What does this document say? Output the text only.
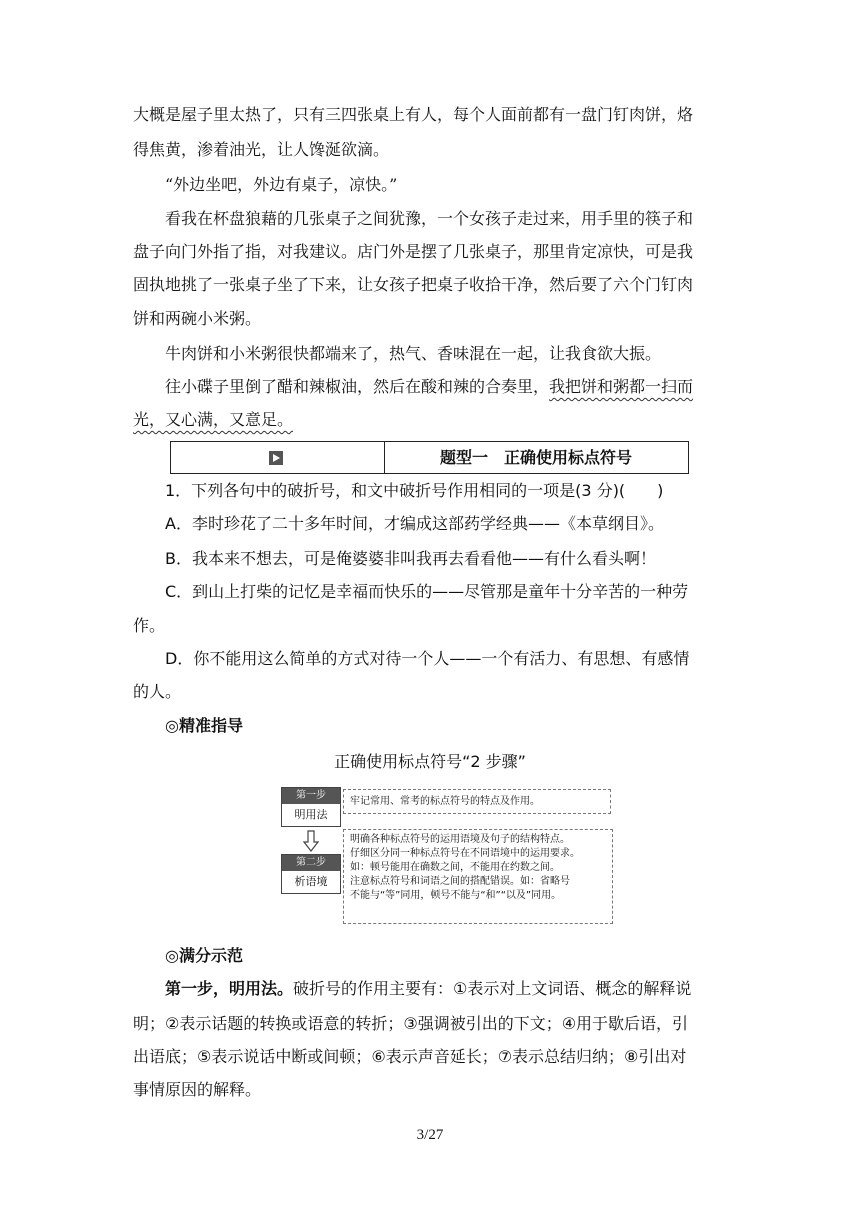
大概是屋子里太热了，只有三四张桌上有人，每个人面前都有一盘门钉肉饼，烙
得焦黄，渗着油光，让人馋涎欲滴。
“外边坐吧，外边有桌子，凉快。”
看我在杯盘狼藉的几张桌子之间犹豫，一个女孩子走过来，用手里的筷子和
盘子向门外指了指，对我建议。店门外是摆了几张桌子，那里肯定凉快，可是我
固执地挑了一张桌子坐了下来，让女孩子把桌子收拾干净，然后要了六个门钉肉
饼和两碗小米粥。
牛肉饼和小米粥很快都端来了，热气、香味混在一起，让我食欲大振。
往小碟子里倒了醋和辣椒油，然后在酸和辣的合奏里，我把饼和粥都一扫而
光，又心满，又意足。
题型一　正确使用标点符号
1．下列各句中的破折号，和文中破折号作用相同的一项是(3 分)(　　)
A．李时珍花了二十多年时间，才编成这部药学经典——《本草纲目》。
B．我本来不想去，可是俺婆婆非叫我再去看看他——有什么看头啊！
C．到山上打柴的记忆是幸福而快乐的——尽管那是童年十分辛苦的一种劳
作。
D．你不能用这么简单的方式对待一个人——一个有活力、有思想、有感情
的人。
◎精准指导
正确使用标点符号“2 步骤”
第一步
明用法
牢记常用、常考的标点符号的特点及作用。
第二步
析语境
明确各种标点符号的运用语境及句子的结构特点。
仔细区分同一种标点符号在不同语境中的运用要求。
如：顿号能用在确数之间，不能用在约数之间。
注意标点符号和词语之间的搭配错误。如：省略号
不能与“等”同用，顿号不能与“和”“以及”同用。
◎满分示范
第一步，明用法。破折号的作用主要有：①表示对上文词语、概念的解释说
明；②表示话题的转换或语意的转折；③强调被引出的下文；④用于歇后语，引
出语底；⑤表示说话中断或间顿；⑥表示声音延长；⑦表示总结归纳；⑧引出对
事情原因的解释。
3/27
